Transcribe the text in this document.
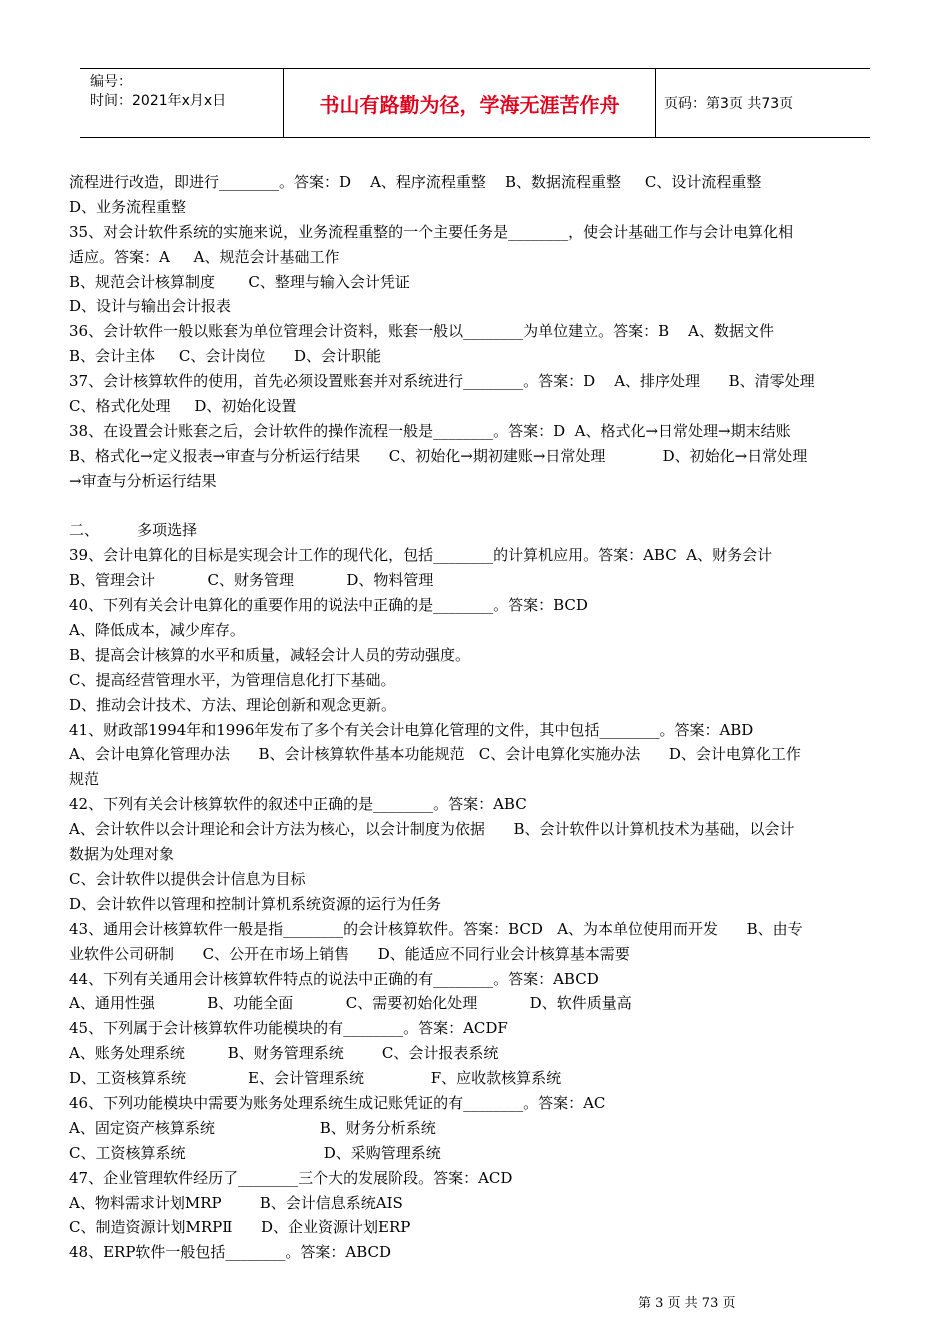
编号：
时间：2021年x月x日	书山有路勤为径，学海无涯苦作舟	页码：第3页 共73页
流程进行改造，即进行________。答案：D    A、程序流程重整    B、数据流程重整     C、设计流程重整
D、业务流程重整
35、对会计软件系统的实施来说，业务流程重整的一个主要任务是________，使会计基础工作与会计电算化相
适应。答案：A     A、规范会计基础工作
B、规范会计核算制度       C、整理与输入会计凭证
D、设计与输出会计报表
36、会计软件一般以账套为单位管理会计资料，账套一般以________为单位建立。答案：B    A、数据文件
B、会计主体     C、会计岗位      D、会计职能
37、会计核算软件的使用，首先必须设置账套并对系统进行________。答案：D    A、排序处理      B、清零处理
C、格式化处理     D、初始化设置
38、在设置会计账套之后，会计软件的操作流程一般是________。答案：D  A、格式化→日常处理→期末结账
B、格式化→定义报表→审查与分析运行结果      C、初始化→期初建账→日常处理            D、初始化→日常处理
→审查与分析运行结果
二、        多项选择
39、会计电算化的目标是实现会计工作的现代化，包括________的计算机应用。答案：ABC  A、财务会计
B、管理会计           C、财务管理           D、物料管理
40、下列有关会计电算化的重要作用的说法中正确的是________。答案：BCD
A、降低成本，减少库存。
B、提高会计核算的水平和质量，减轻会计人员的劳动强度。
C、提高经营管理水平，为管理信息化打下基础。
D、推动会计技术、方法、理论创新和观念更新。
41、财政部1994年和1996年发布了多个有关会计电算化管理的文件，其中包括________。答案：ABD
A、会计电算化管理办法      B、会计核算软件基本功能规范   C、会计电算化实施办法      D、会计电算化工作
规范
42、下列有关会计核算软件的叙述中正确的是________。答案：ABC
A、会计软件以会计理论和会计方法为核心，以会计制度为依据      B、会计软件以计算机技术为基础，以会计
数据为处理对象
C、会计软件以提供会计信息为目标
D、会计软件以管理和控制计算机系统资源的运行为任务
43、通用会计核算软件一般是指________的会计核算软件。答案：BCD   A、为本单位使用而开发      B、由专
业软件公司研制      C、公开在市场上销售      D、能适应不同行业会计核算基本需要
44、下列有关通用会计核算软件特点的说法中正确的有________。答案：ABCD
A、通用性强           B、功能全面           C、需要初始化处理           D、软件质量高
45、下列属于会计核算软件功能模块的有________。答案：ACDF
A、账务处理系统         B、财务管理系统        C、会计报表系统
D、工资核算系统             E、会计管理系统              F、应收款核算系统
46、下列功能模块中需要为账务处理系统生成记账凭证的有________。答案：AC
A、固定资产核算系统                      B、财务分析系统
C、工资核算系统                             D、采购管理系统
47、企业管理软件经历了________三个大的发展阶段。答案：ACD
A、物料需求计划MRP        B、会计信息系统AIS
C、制造资源计划MRPⅡ      D、企业资源计划ERP
48、ERP软件一般包括________。答案：ABCD
第 3 页 共 73 页
